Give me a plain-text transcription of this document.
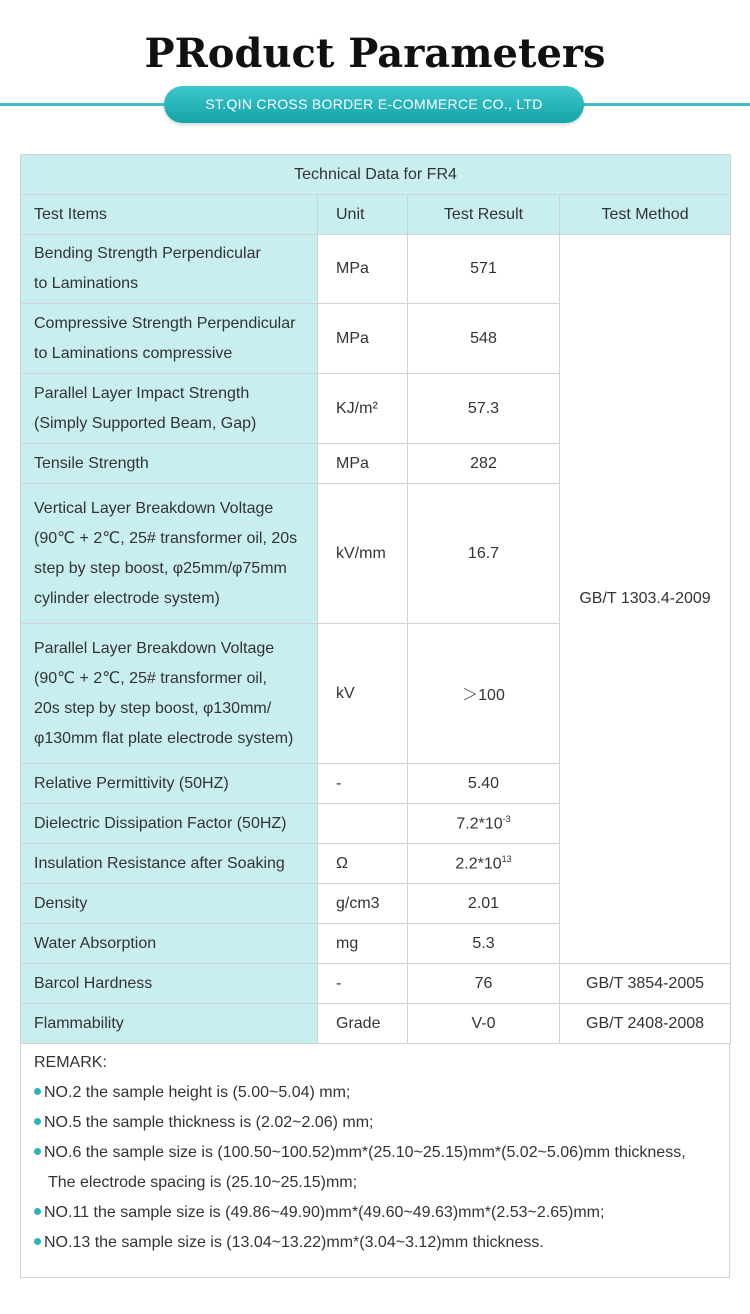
PRoduct Parameters
ST.QIN CROSS BORDER E-COMMERCE CO., LTD
Technical Data for FR4			
Test Items	Unit	Test Result	Test Method

Bending Strength Perpendicular
to Laminations	MPa	571	GB/T 1303.4-2009

Compressive Strength Perpendicular
to Laminations compressive	MPa	548	

Parallel Layer Impact Strength
(Simply Supported Beam, Gap)	KJ/m²	57.3	

Tensile Strength	MPa	282	

Vertical Layer Breakdown Voltage
(90℃ + 2℃, 25# transformer oil, 20s
step by step boost, φ25mm/φ75mm
cylinder electrode system)	kV/mm	16.7	

Parallel Layer Breakdown Voltage
(90℃ + 2℃, 25# transformer oil,
20s step by step boost, φ130mm/
φ130mm flat plate electrode system)	kV	＞100	

Relative Permittivity (50HZ)	-	5.40	

Dielectric Dissipation Factor (50HZ)		$7.2*10^{-3}$

Insulation Resistance after Soaking	Ω	$2.2*10^{13}$

Density	g/cm3	2.01	

Water Absorption	mg	5.3	

Barcol Hardness	-	76	GB/T 3854-2005

Flammability	Grade	V-0	GB/T 2408-2008
REMARK:
NO.2 the sample height is (5.00~5.04) mm;
NO.5 the sample thickness is (2.02~2.06) mm;
NO.6 the sample size is (100.50~100.52)mm*(25.10~25.15)mm*(5.02~5.06)mm thickness,
The electrode spacing is (25.10~25.15)mm;
NO.11 the sample size is (49.86~49.90)mm*(49.60~49.63)mm*(2.53~2.65)mm;
NO.13 the sample size is (13.04~13.22)mm*(3.04~3.12)mm thickness.
